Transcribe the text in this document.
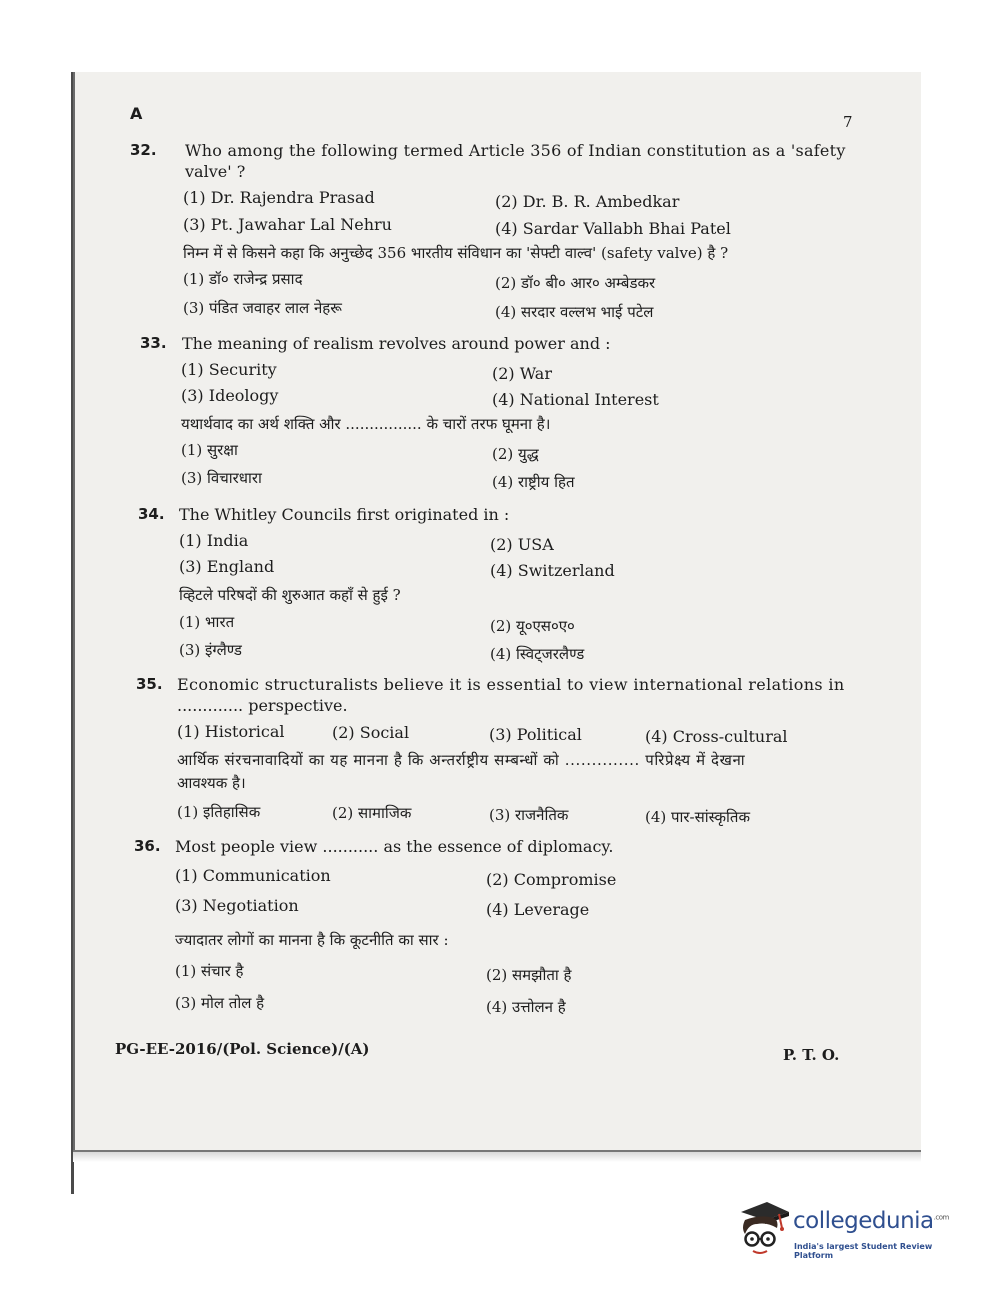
A	7
32.	Who among the following termed Article 356 of Indian constitution as a 'safety
valve' ?
(1) Dr. Rajendra Prasad	(2) Dr. B. R. Ambedkar
(3) Pt. Jawahar Lal Nehru	(4) Sardar Vallabh Bhai Patel
निम्न में से किसने कहा कि अनुच्छेद 356 भारतीय संविधान का 'सेफ्टी वाल्व' (safety valve) है ?
(1) डॉ० राजेन्द्र प्रसाद	(2) डॉ० बी० आर० अम्बेडकर
(3) पंडित जवाहर लाल नेहरू	(4) सरदार वल्लभ भाई पटेल
33. The meaning of realism revolves around power and :
(1) Security	(2) War
(3) Ideology	(4) National Interest
यथार्थवाद का अर्थ शक्ति और ................ के चारों तरफ घूमना है।
(1) सुरक्षा	(2) युद्ध
(3) विचारधारा	(4) राष्ट्रीय हित
34. The Whitley Councils first originated in :
(1) India	(2) USA
(3) England	(4) Switzerland
व्हिटले परिषदों की शुरुआत कहाँ से हुई ?
(1) भारत	(2) यू०एस०ए०
(3) इंग्लैण्ड	(4) स्विट्जरलैण्ड
35. Economic structuralists believe it is essential to view international relations in
............. perspective.
(1) Historical	(2) Social	(3) Political	(4) Cross-cultural
आर्थिक संरचनावादियों का यह मानना है कि अन्तर्राष्ट्रीय सम्बन्धों को .............. परिप्रेक्ष्य में देखना
आवश्यक है।
(1) इतिहासिक	(2) सामाजिक	(3) राजनैतिक	(4) पार-सांस्कृतिक
36. Most people view ........... as the essence of diplomacy.
(1) Communication	(2) Compromise
(3) Negotiation	(4) Leverage
ज्यादातर लोगों का मानना है कि कूटनीति का सार :
(1) संचार है	(2) समझौता है
(3) मोल तोल है	(4) उत्तोलन है
PG-EE-2016/(Pol. Science)/(A)	P. T. O.
collegedunia$^{.com}$
India's largest Student Review Platform
